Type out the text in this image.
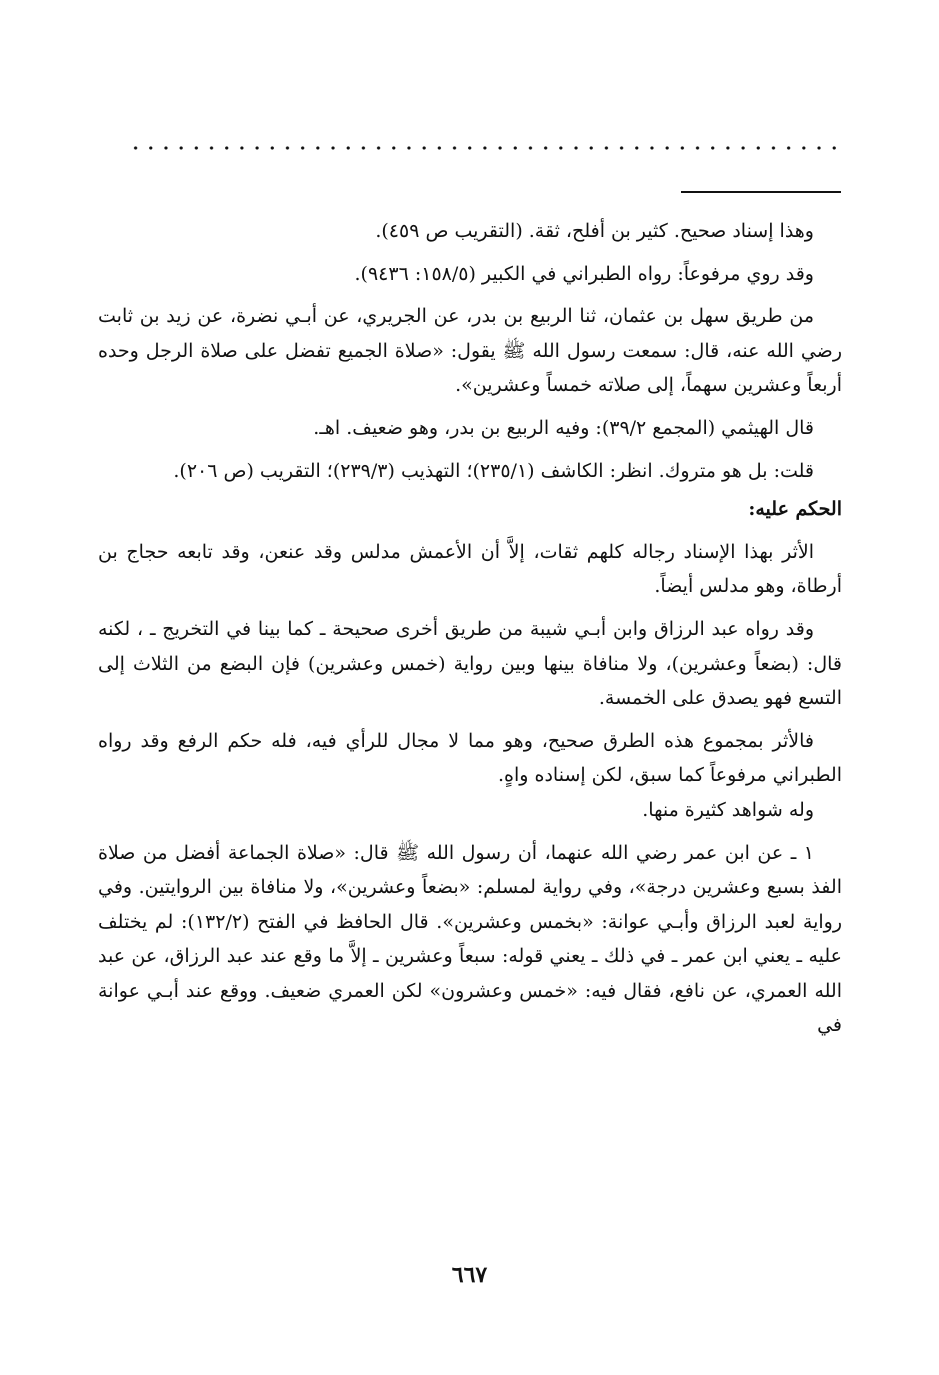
وهذا إسناد صحيح. كثير بن أفلح، ثقة. (التقريب ص ٤٥٩).

وقد روي مرفوعاً: رواه الطبراني في الكبير (١٥٨/٥: ٩٤٣٦).

من طريق سهل بن عثمان، ثنا الربيع بن بدر، عن الجريري، عن أبـي نضرة، عن زيد بن ثابت رضي الله عنه، قال: سمعت رسول الله ﷺ يقول: «صلاة الجميع تفضل على صلاة الرجل وحده أربعاً وعشرين سهماً، إلى صلاته خمساً وعشرين».

قال الهيثمي (المجمع ٣٩/٢): وفيه الربيع بن بدر، وهو ضعيف. اهـ.

قلت: بل هو متروك. انظر: الكاشف (٢٣٥/١)؛ التهذيب (٢٣٩/٣)؛ التقريب (ص ٢٠٦).

الحكم عليه:

الأثر بهذا الإسناد رجاله كلهم ثقات، إلاَّ أن الأعمش مدلس وقد عنعن، وقد تابعه حجاج بن أرطاة، وهو مدلس أيضاً.

وقد رواه عبد الرزاق وابن أبـي شيبة من طريق أخرى صحيحة ـ كما بينا في التخريج ـ ، لكنه قال: (بضعاً وعشرين)، ولا منافاة بينها وبين رواية (خمس وعشرين) فإن البضع من الثلاث إلى التسع فهو يصدق على الخمسة.

فالأثر بمجموع هذه الطرق صحيح، وهو مما لا مجال للرأي فيه، فله حكم الرفع وقد رواه الطبراني مرفوعاً كما سبق، لكن إسناده واهٍ.

وله شواهد كثيرة منها.

١ ـ عن ابن عمر رضي الله عنهما، أن رسول الله ﷺ قال: «صلاة الجماعة أفضل من صلاة الفذ بسبع وعشرين درجة»، وفي رواية لمسلم: «بضعاً وعشرين»، ولا منافاة بين الروايتين. وفي رواية لعبد الرزاق وأبـي عوانة: «بخمس وعشرين». قال الحافظ في الفتح (١٣٢/٢): لم يختلف عليه ـ يعني ابن عمر ـ في ذلك ـ يعني قوله: سبعاً وعشرين ـ إلاَّ ما وقع عند عبد الرزاق، عن عبد الله العمري، عن نافع، فقال فيه: «خمس وعشرون» لكن العمري ضعيف. ووقع عند أبـي عوانة في

٦٦٧
